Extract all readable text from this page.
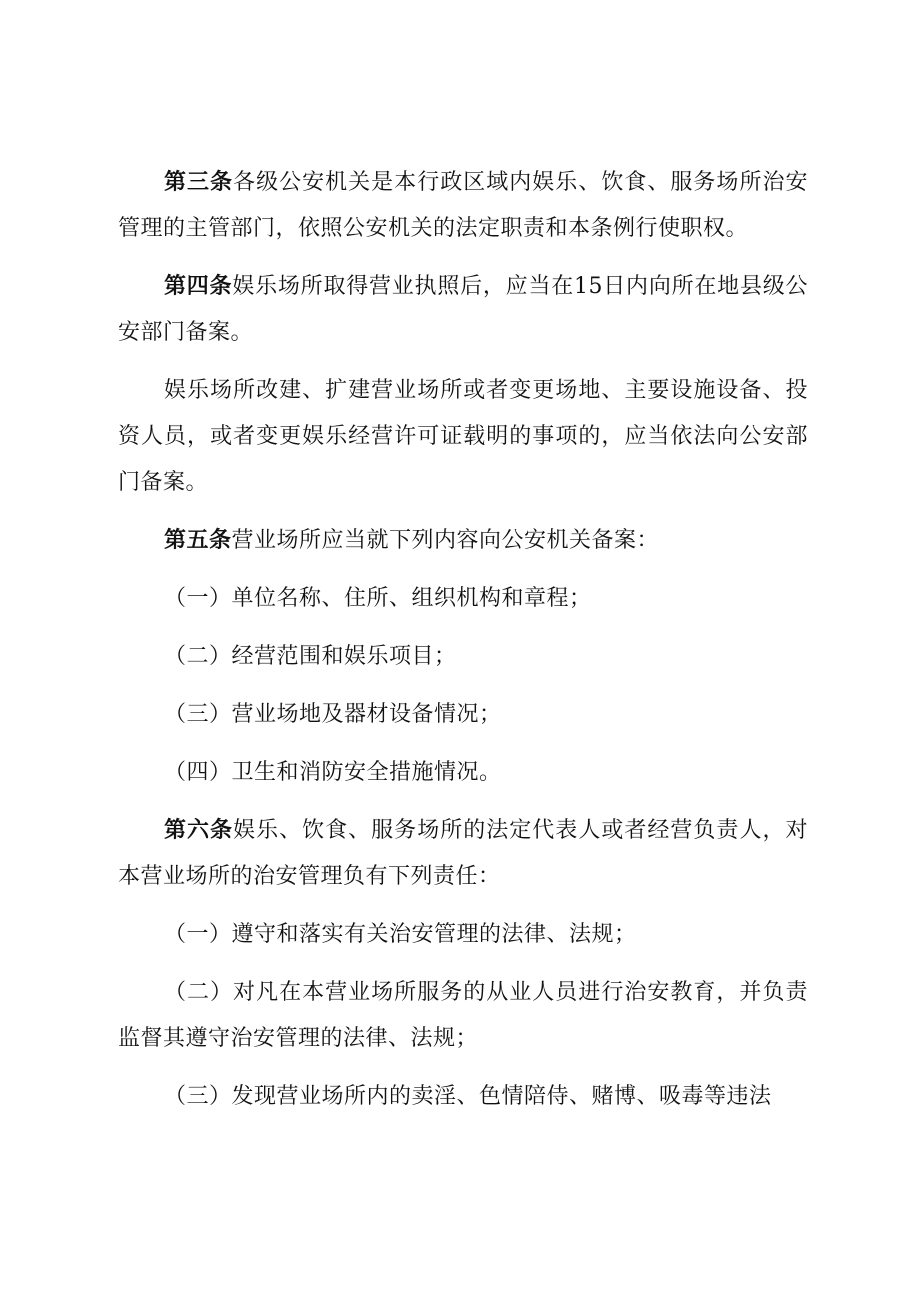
第三条各级公安机关是本行政区域内娱乐、饮食、服务场所治安管理的主管部门，依照公安机关的法定职责和本条例行使职权。

第四条娱乐场所取得营业执照后，应当在15日内向所在地县级公安部门备案。

娱乐场所改建、扩建营业场所或者变更场地、主要设施设备、投资人员，或者变更娱乐经营许可证载明的事项的，应当依法向公安部门备案。

第五条营业场所应当就下列内容向公安机关备案：

（一）单位名称、住所、组织机构和章程；

（二）经营范围和娱乐项目；

（三）营业场地及器材设备情况；

（四）卫生和消防安全措施情况。

第六条娱乐、饮食、服务场所的法定代表人或者经营负责人，对本营业场所的治安管理负有下列责任：

（一）遵守和落实有关治安管理的法律、法规；

（二）对凡在本营业场所服务的从业人员进行治安教育，并负责监督其遵守治安管理的法律、法规；

（三）发现营业场所内的卖淫、色情陪侍、赌博、吸毒等违法
